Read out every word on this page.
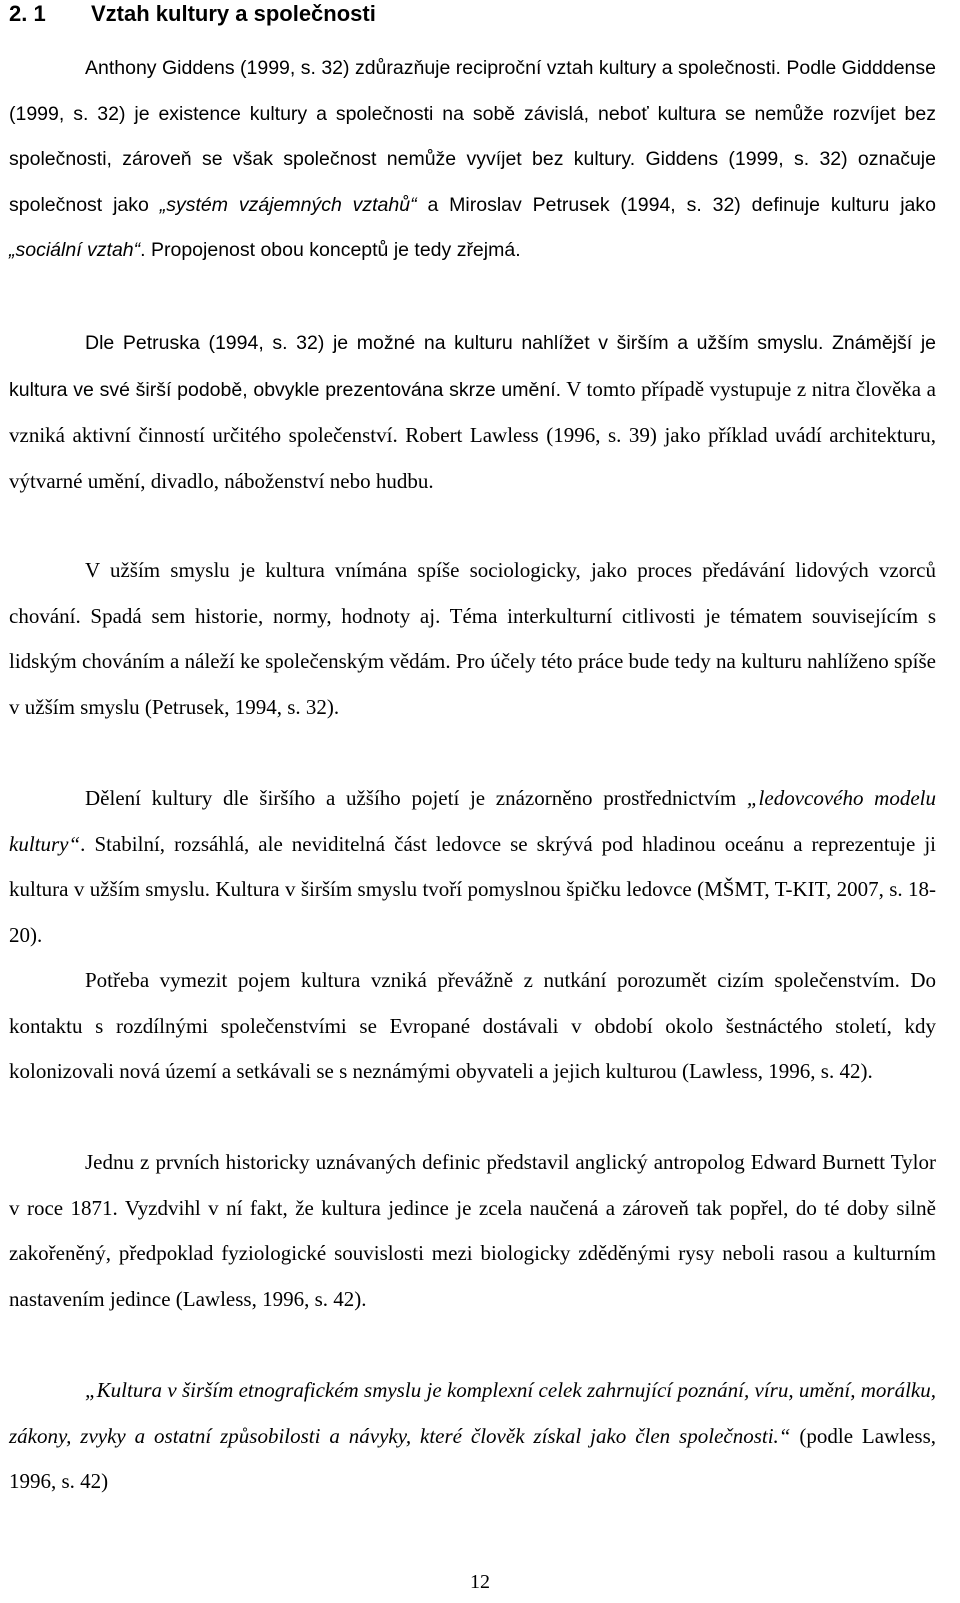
2. 1 Vztah kultury a společnosti

Anthony Giddens (1999, s. 32) zdůrazňuje reciproční vztah kultury a společnosti. Podle Gidddense (1999, s. 32) je existence kultury a společnosti na sobě závislá, neboť kultura se nemůže rozvíjet bez společnosti, zároveň se však společnost nemůže vyvíjet bez kultury. Giddens (1999, s. 32) označuje společnost jako „systém vzájemných vztahů“ a Miroslav Petrusek (1994, s. 32) definuje kulturu jako „sociální vztah“. Propojenost obou konceptů je tedy zřejmá.

Dle Petruska (1994, s. 32) je možné na kulturu nahlížet v širším a užším smyslu. Známější je kultura ve své širší podobě, obvykle prezentována skrze umění. V tomto případě vystupuje z nitra člověka a vzniká aktivní činností určitého společenství. Robert Lawless (1996, s. 39) jako příklad uvádí architekturu, výtvarné umění, divadlo, náboženství nebo hudbu.

V užším smyslu je kultura vnímána spíše sociologicky, jako proces předávání lidových vzorců chování. Spadá sem historie, normy, hodnoty aj. Téma interkulturní citlivosti je tématem souvisejícím s lidským chováním a náleží ke společenským vědám. Pro účely této práce bude tedy na kulturu nahlíženo spíše v užším smyslu (Petrusek, 1994, s. 32).

Dělení kultury dle širšího a užšího pojetí je znázorněno prostřednictvím „ledovcového modelu kultury“. Stabilní, rozsáhlá, ale neviditelná část ledovce se skrývá pod hladinou oceánu a reprezentuje ji kultura v užším smyslu. Kultura v širším smyslu tvoří pomyslnou špičku ledovce (MŠMT, T-KIT, 2007, s. 18-20).

Potřeba vymezit pojem kultura vzniká převážně z nutkání porozumět cizím společenstvím. Do kontaktu s rozdílnými společenstvími se Evropané dostávali v období okolo šestnáctého století, kdy kolonizovali nová území a setkávali se s neznámými obyvateli a jejich kulturou (Lawless, 1996, s. 42).

Jednu z prvních historicky uznávaných definic představil anglický antropolog Edward Burnett Tylor v roce 1871. Vyzdvihl v ní fakt, že kultura jedince je zcela naučená a zároveň tak popřel, do té doby silně zakořeněný, předpoklad fyziologické souvislosti mezi biologicky zděděnými rysy neboli rasou a kulturním nastavením jedince (Lawless, 1996, s. 42).

„Kultura v širším etnografickém smyslu je komplexní celek zahrnující poznání, víru, umění, morálku, zákony, zvyky a ostatní způsobilosti a návyky, které člověk získal jako člen společnosti.“ (podle Lawless, 1996, s. 42)

12
